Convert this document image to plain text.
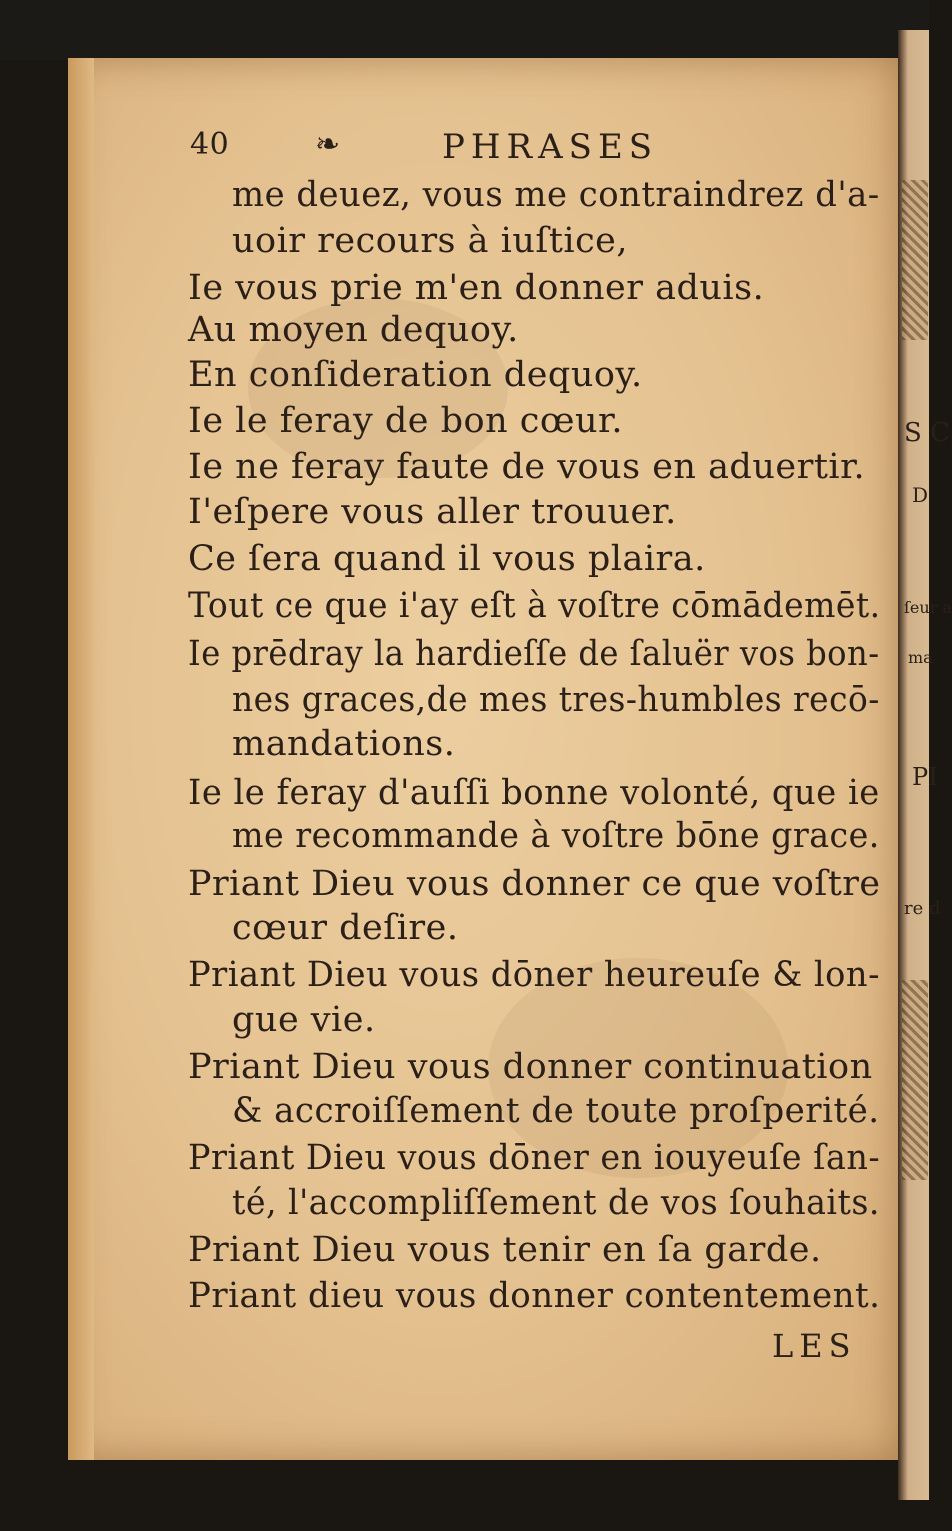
S C
D
ſeur a
ma
PI
re d
40	❧	PHRASES
me deuez, vous me contraindrez d'a-
uoir recours à iuſtice,
Ie vous prie m'en donner aduis.
Au moyen dequoy.
En conſideration dequoy.
Ie le feray de bon cœur.
Ie ne feray faute de vous en aduertir.
I'eſpere vous aller trouuer.
Ce ſera quand il vous plaira.
Tout ce que i'ay eſt à voſtre cōmādemēt.
Ie prēdray la hardieſſe de ſaluër vos bon-
nes graces,de mes tres-humbles recō-
mandations.
Ie le feray d'auſſi bonne volonté, que ie
me recommande à voſtre bōne grace.
Priant Dieu vous donner ce que voſtre
cœur deſire.
Priant Dieu vous dōner heureuſe & lon-
gue vie.
Priant Dieu vous donner continuation
& accroiſſement de toute proſperité.
Priant Dieu vous dōner en iouyeuſe ſan-
té, l'accompliſſement de vos ſouhaits.
Priant Dieu vous tenir en ſa garde.
Priant dieu vous donner contentement.
LES
